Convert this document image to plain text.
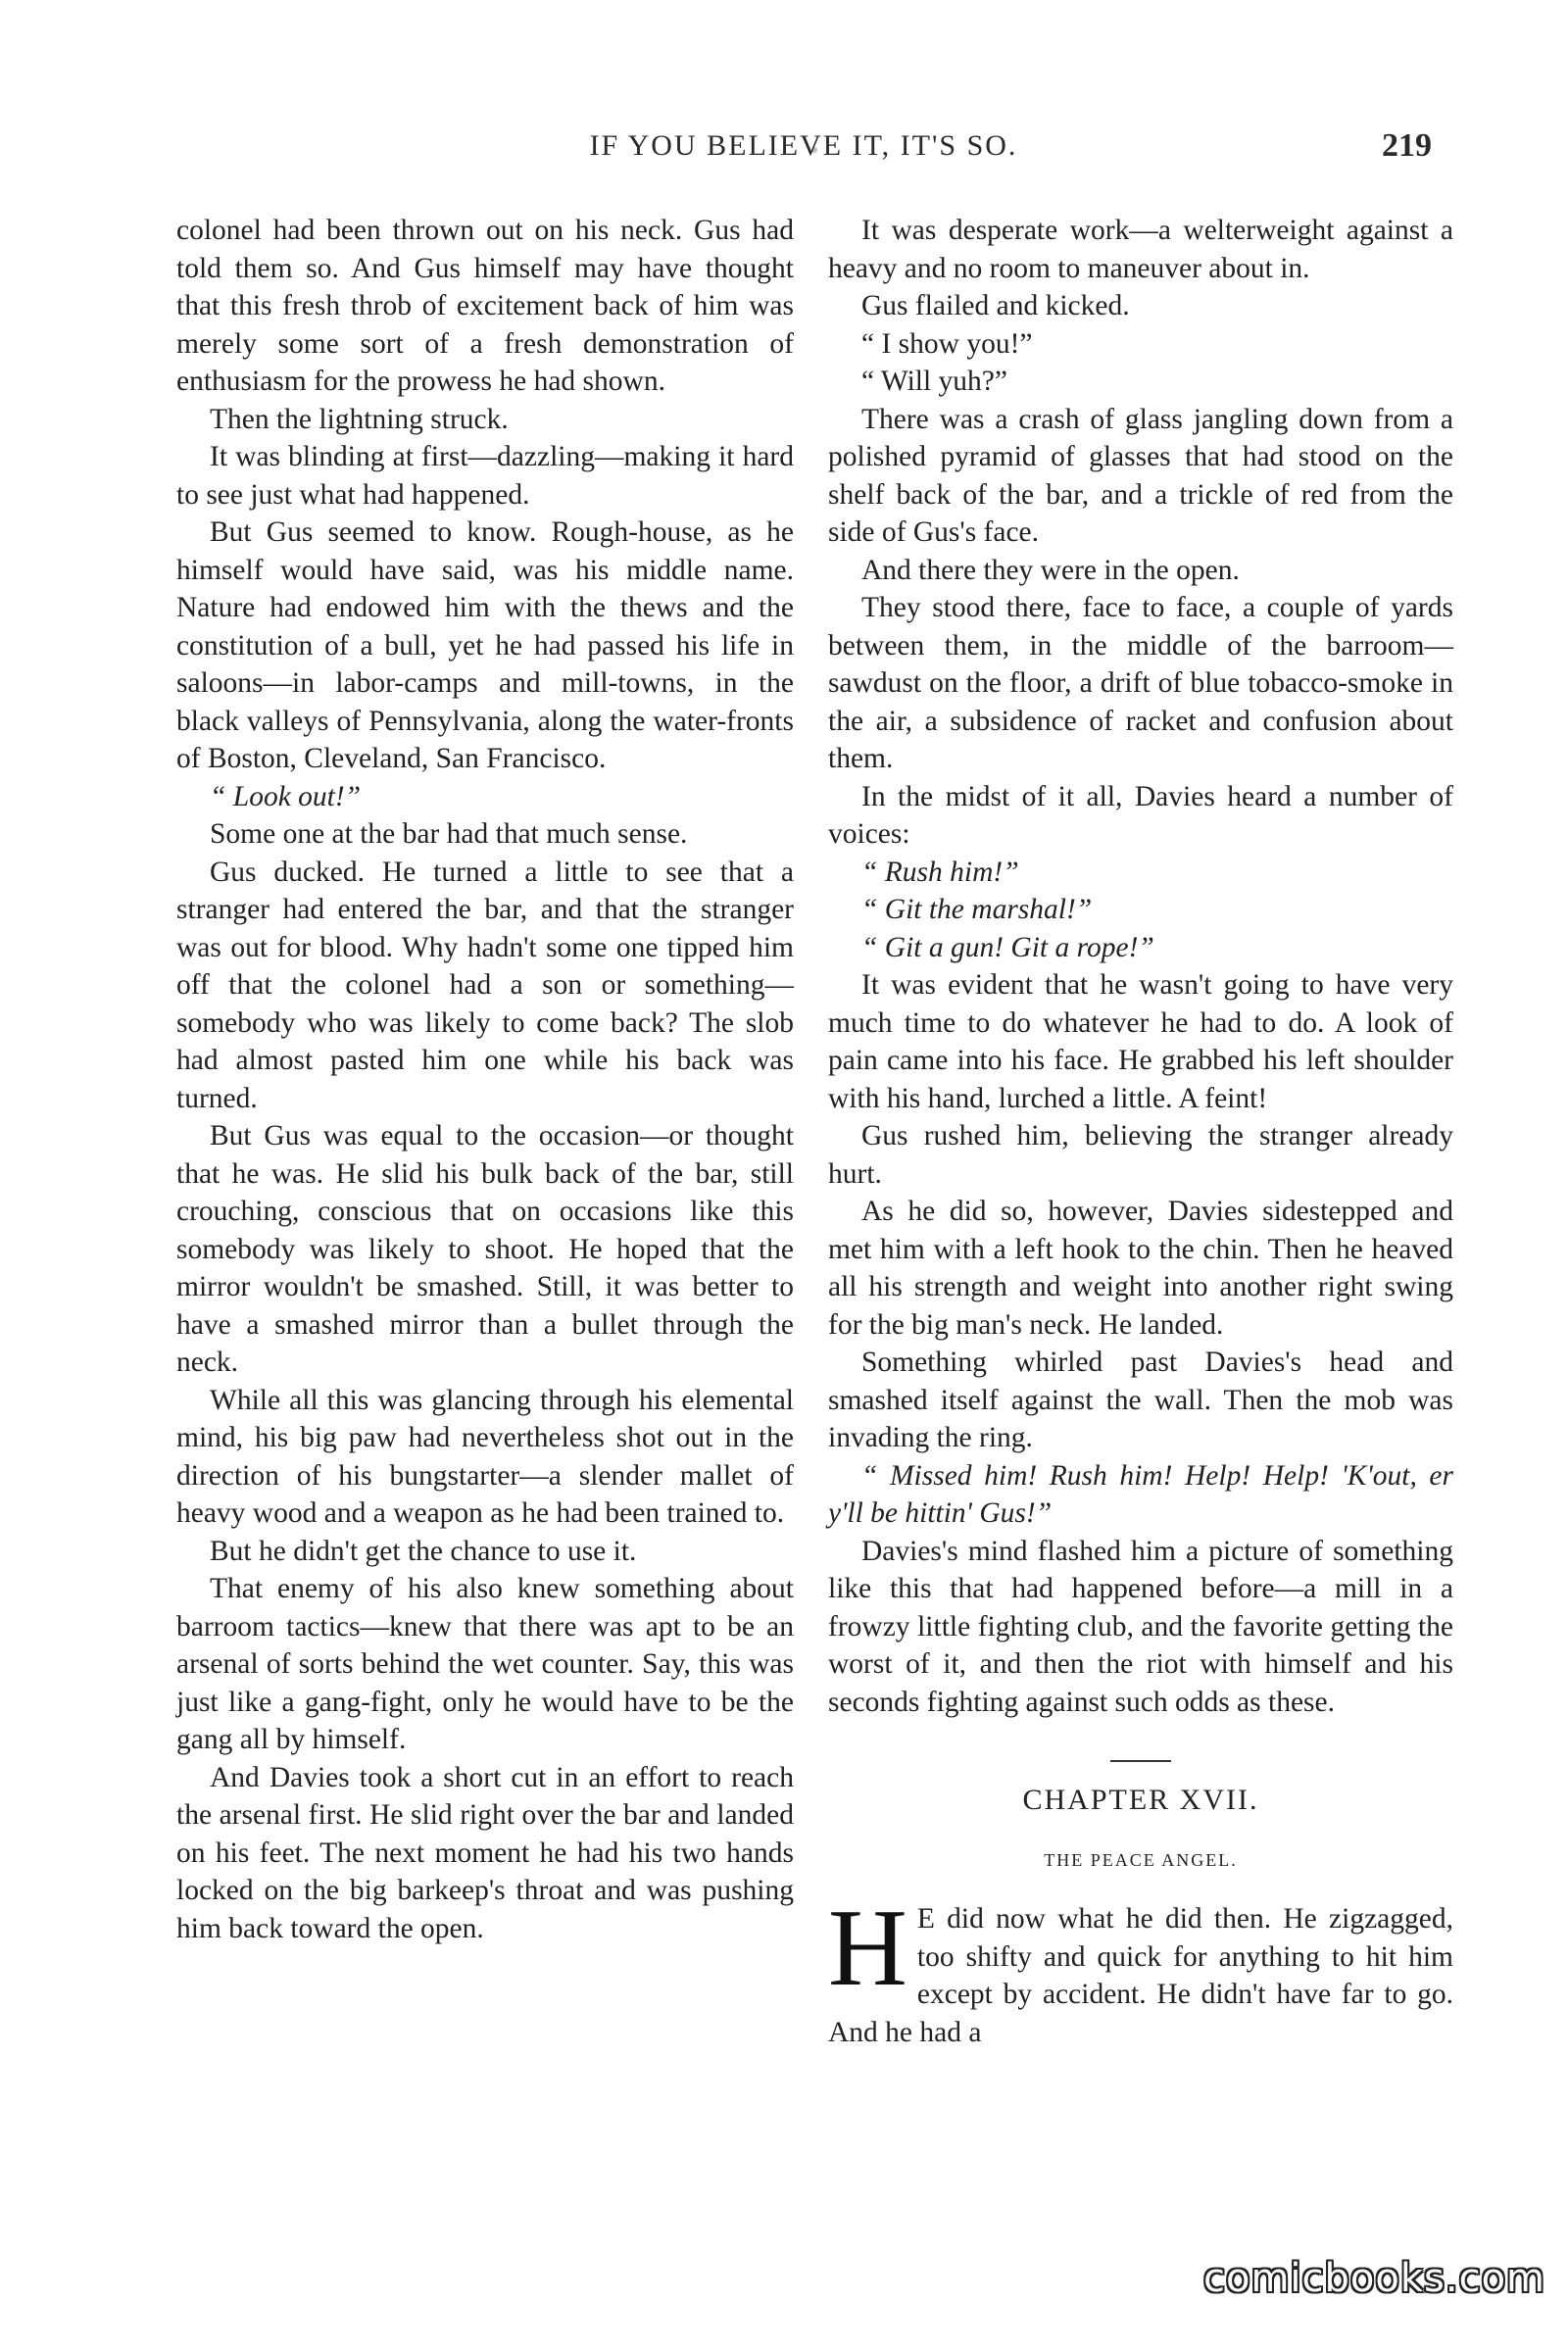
IF YOU BELIEVE IT, IT'S SO.	219

colonel had been thrown out on his neck. Gus had told them so. And Gus himself may have thought that this fresh throb of excitement back of him was merely some sort of a fresh demonstration of enthusiasm for the prowess he had shown.

Then the lightning struck.

It was blinding at first—dazzling—making it hard to see just what had happened.

But Gus seemed to know. Rough-house, as he himself would have said, was his middle name. Nature had endowed him with the thews and the constitution of a bull, yet he had passed his life in saloons—in labor-camps and mill-towns, in the black valleys of Pennsylvania, along the water-fronts of Boston, Cleveland, San Francisco.

“ Look out!”

Some one at the bar had that much sense.

Gus ducked. He turned a little to see that a stranger had entered the bar, and that the stranger was out for blood. Why hadn't some one tipped him off that the colonel had a son or something—somebody who was likely to come back? The slob had almost pasted him one while his back was turned.

But Gus was equal to the occasion—or thought that he was. He slid his bulk back of the bar, still crouching, conscious that on occasions like this somebody was likely to shoot. He hoped that the mirror wouldn't be smashed. Still, it was better to have a smashed mirror than a bullet through the neck.

While all this was glancing through his elemental mind, his big paw had nevertheless shot out in the direction of his bungstarter—a slender mallet of heavy wood and a weapon as he had been trained to.

But he didn't get the chance to use it.

That enemy of his also knew something about barroom tactics—knew that there was apt to be an arsenal of sorts behind the wet counter. Say, this was just like a gang-fight, only he would have to be the gang all by himself.

And Davies took a short cut in an effort to reach the arsenal first. He slid right over the bar and landed on his feet. The next moment he had his two hands locked on the big barkeep's throat and was pushing him back toward the open.

It was desperate work—a welterweight against a heavy and no room to maneuver about in.

Gus flailed and kicked.

“ I show you!”

“ Will yuh?”

There was a crash of glass jangling down from a polished pyramid of glasses that had stood on the shelf back of the bar, and a trickle of red from the side of Gus's face.

And there they were in the open.

They stood there, face to face, a couple of yards between them, in the middle of the barroom—sawdust on the floor, a drift of blue tobacco-smoke in the air, a subsidence of racket and confusion about them.

In the midst of it all, Davies heard a number of voices:

“ Rush him!”

“ Git the marshal!”

“ Git a gun! Git a rope!”

It was evident that he wasn't going to have very much time to do whatever he had to do. A look of pain came into his face. He grabbed his left shoulder with his hand, lurched a little. A feint!

Gus rushed him, believing the stranger already hurt.

As he did so, however, Davies sidestepped and met him with a left hook to the chin. Then he heaved all his strength and weight into another right swing for the big man's neck. He landed.

Something whirled past Davies's head and smashed itself against the wall. Then the mob was invading the ring.

“ Missed him! Rush him! Help! Help! 'K'out, er y'll be hittin' Gus!”

Davies's mind flashed him a picture of something like this that had happened before—a mill in a frowzy little fighting club, and the favorite getting the worst of it, and then the riot with himself and his seconds fighting against such odds as these.

CHAPTER XVII.
THE PEACE ANGEL.

H E did now what he did then. He zigzagged, too shifty and quick for anything to hit him except by accident. He didn't have far to go. And he had a

comicbooks.com
